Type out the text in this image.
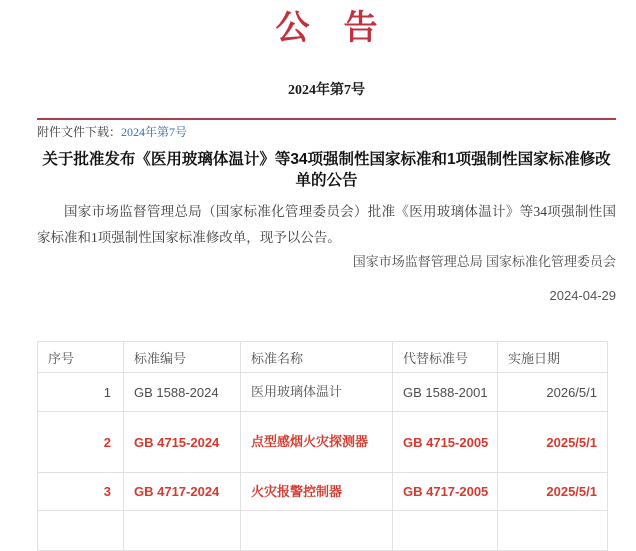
公　告
2024年第7号
附件文件下载：2024年第7号
关于批准发布《医用玻璃体温计》等34项强制性国家标准和1项强制性国家标准修改单的公告

国家市场监督管理总局（国家标准化管理委员会）批准《医用玻璃体温计》等34项强制性国家标准和1项强制性国家标准修改单，现予以公告。

国家市场监督管理总局 国家标准化管理委员会
2024-04-29
序号	标准编号	标准名称	代替标准号	实施日期
1	GB 1588-2024	医用玻璃体温计	GB 1588-2001	2026/5/1
2	GB 4715-2024	点型感烟火灾探测器	GB 4715-2005	2025/5/1
3	GB 4717-2024	火灾报警控制器	GB 4717-2005	2025/5/1
